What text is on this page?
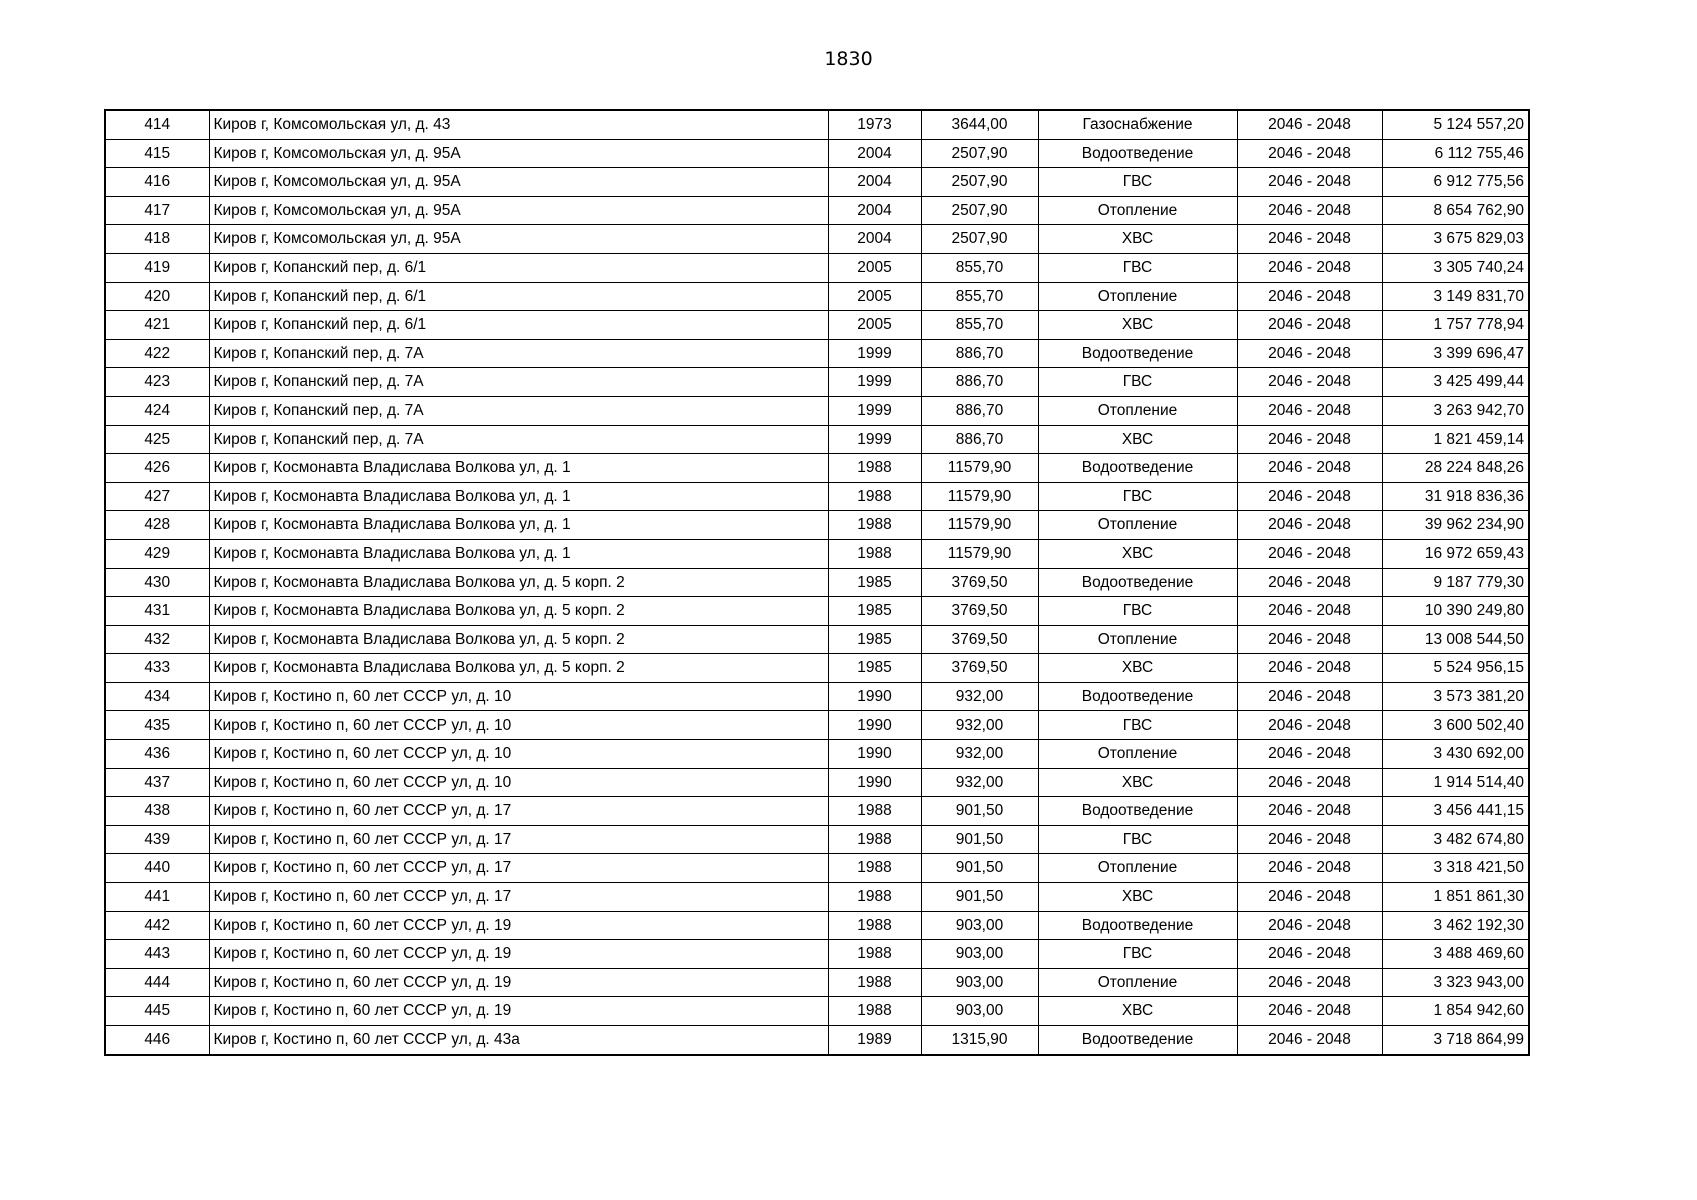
1830
414	Киров г, Комсомольская ул, д. 43	1973	3644,00	Газоснабжение	2046 - 2048	5 124 557,20
415	Киров г, Комсомольская ул, д. 95А	2004	2507,90	Водоотведение	2046 - 2048	6 112 755,46
416	Киров г, Комсомольская ул, д. 95А	2004	2507,90	ГВС	2046 - 2048	6 912 775,56
417	Киров г, Комсомольская ул, д. 95А	2004	2507,90	Отопление	2046 - 2048	8 654 762,90
418	Киров г, Комсомольская ул, д. 95А	2004	2507,90	ХВС	2046 - 2048	3 675 829,03
419	Киров г, Копанский пер, д. 6/1	2005	855,70	ГВС	2046 - 2048	3 305 740,24
420	Киров г, Копанский пер, д. 6/1	2005	855,70	Отопление	2046 - 2048	3 149 831,70
421	Киров г, Копанский пер, д. 6/1	2005	855,70	ХВС	2046 - 2048	1 757 778,94
422	Киров г, Копанский пер, д. 7А	1999	886,70	Водоотведение	2046 - 2048	3 399 696,47
423	Киров г, Копанский пер, д. 7А	1999	886,70	ГВС	2046 - 2048	3 425 499,44
424	Киров г, Копанский пер, д. 7А	1999	886,70	Отопление	2046 - 2048	3 263 942,70
425	Киров г, Копанский пер, д. 7А	1999	886,70	ХВС	2046 - 2048	1 821 459,14
426	Киров г, Космонавта Владислава Волкова ул, д. 1	1988	11579,90	Водоотведение	2046 - 2048	28 224 848,26
427	Киров г, Космонавта Владислава Волкова ул, д. 1	1988	11579,90	ГВС	2046 - 2048	31 918 836,36
428	Киров г, Космонавта Владислава Волкова ул, д. 1	1988	11579,90	Отопление	2046 - 2048	39 962 234,90
429	Киров г, Космонавта Владислава Волкова ул, д. 1	1988	11579,90	ХВС	2046 - 2048	16 972 659,43
430	Киров г, Космонавта Владислава Волкова ул, д. 5 корп. 2	1985	3769,50	Водоотведение	2046 - 2048	9 187 779,30
431	Киров г, Космонавта Владислава Волкова ул, д. 5 корп. 2	1985	3769,50	ГВС	2046 - 2048	10 390 249,80
432	Киров г, Космонавта Владислава Волкова ул, д. 5 корп. 2	1985	3769,50	Отопление	2046 - 2048	13 008 544,50
433	Киров г, Космонавта Владислава Волкова ул, д. 5 корп. 2	1985	3769,50	ХВС	2046 - 2048	5 524 956,15
434	Киров г, Костино п, 60 лет СССР ул, д. 10	1990	932,00	Водоотведение	2046 - 2048	3 573 381,20
435	Киров г, Костино п, 60 лет СССР ул, д. 10	1990	932,00	ГВС	2046 - 2048	3 600 502,40
436	Киров г, Костино п, 60 лет СССР ул, д. 10	1990	932,00	Отопление	2046 - 2048	3 430 692,00
437	Киров г, Костино п, 60 лет СССР ул, д. 10	1990	932,00	ХВС	2046 - 2048	1 914 514,40
438	Киров г, Костино п, 60 лет СССР ул, д. 17	1988	901,50	Водоотведение	2046 - 2048	3 456 441,15
439	Киров г, Костино п, 60 лет СССР ул, д. 17	1988	901,50	ГВС	2046 - 2048	3 482 674,80
440	Киров г, Костино п, 60 лет СССР ул, д. 17	1988	901,50	Отопление	2046 - 2048	3 318 421,50
441	Киров г, Костино п, 60 лет СССР ул, д. 17	1988	901,50	ХВС	2046 - 2048	1 851 861,30
442	Киров г, Костино п, 60 лет СССР ул, д. 19	1988	903,00	Водоотведение	2046 - 2048	3 462 192,30
443	Киров г, Костино п, 60 лет СССР ул, д. 19	1988	903,00	ГВС	2046 - 2048	3 488 469,60
444	Киров г, Костино п, 60 лет СССР ул, д. 19	1988	903,00	Отопление	2046 - 2048	3 323 943,00
445	Киров г, Костино п, 60 лет СССР ул, д. 19	1988	903,00	ХВС	2046 - 2048	1 854 942,60
446	Киров г, Костино п, 60 лет СССР ул, д. 43а	1989	1315,90	Водоотведение	2046 - 2048	3 718 864,99
